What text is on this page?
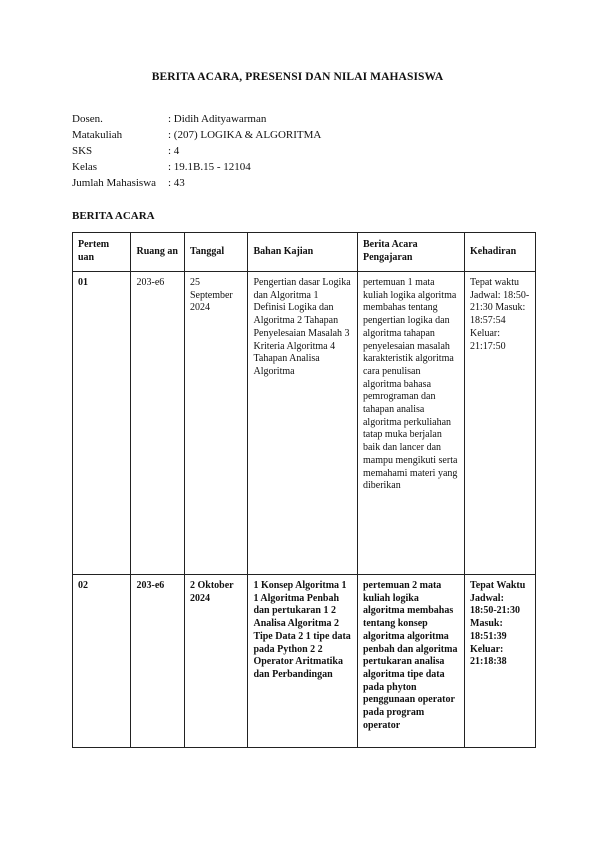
BERITA ACARA, PRESENSI DAN NILAI MAHASISWA
Dosen.	: Didih Adityawarman
Matakuliah	: (207) LOGIKA & ALGORITMA
SKS	: 4
Kelas	: 19.1B.15 - 12104
Jumlah Mahasiswa	: 43
BERITA ACARA
Pertem uan	Ruang an	Tanggal	Bahan Kajian	Berita Acara Pengajaran	Kehadiran

01	203-e6	25 September 2024	Pengertian dasar Logika dan Algoritma 1 Definisi Logika dan Algoritma 2 Tahapan Penyelesaian Masalah 3 Kriteria Algoritma 4 Tahapan Analisa Algoritma	pertemuan 1 mata kuliah logika algoritma membahas tentang pengertian logika dan algoritma tahapan penyelesaian masalah karakteristik algoritma cara penulisan algoritma bahasa pemrograman dan tahapan analisa algoritma perkuliahan tatap muka berjalan baik dan lancer dan mampu mengikuti serta memahami materi yang diberikan	Tepat waktu Jadwal: 18:50-21:30 Masuk: 18:57:54 Keluar: 21:17:50
02	203-e6	2 Oktober 2024	1 Konsep Algoritma 1 1 Algoritma Penbah dan pertukaran 1 2 Analisa Algoritma 2 Tipe Data 2 1 tipe data pada Python 2 2 Operator Aritmatika dan Perbandingan	pertemuan 2 mata kuliah logika algoritma membahas tentang konsep algoritma algoritma penbah dan algoritma pertukaran analisa algoritma tipe data pada phyton penggunaan operator pada program operator	Tepat Waktu Jadwal: 18:50-21:30 Masuk: 18:51:39 Keluar: 21:18:38
